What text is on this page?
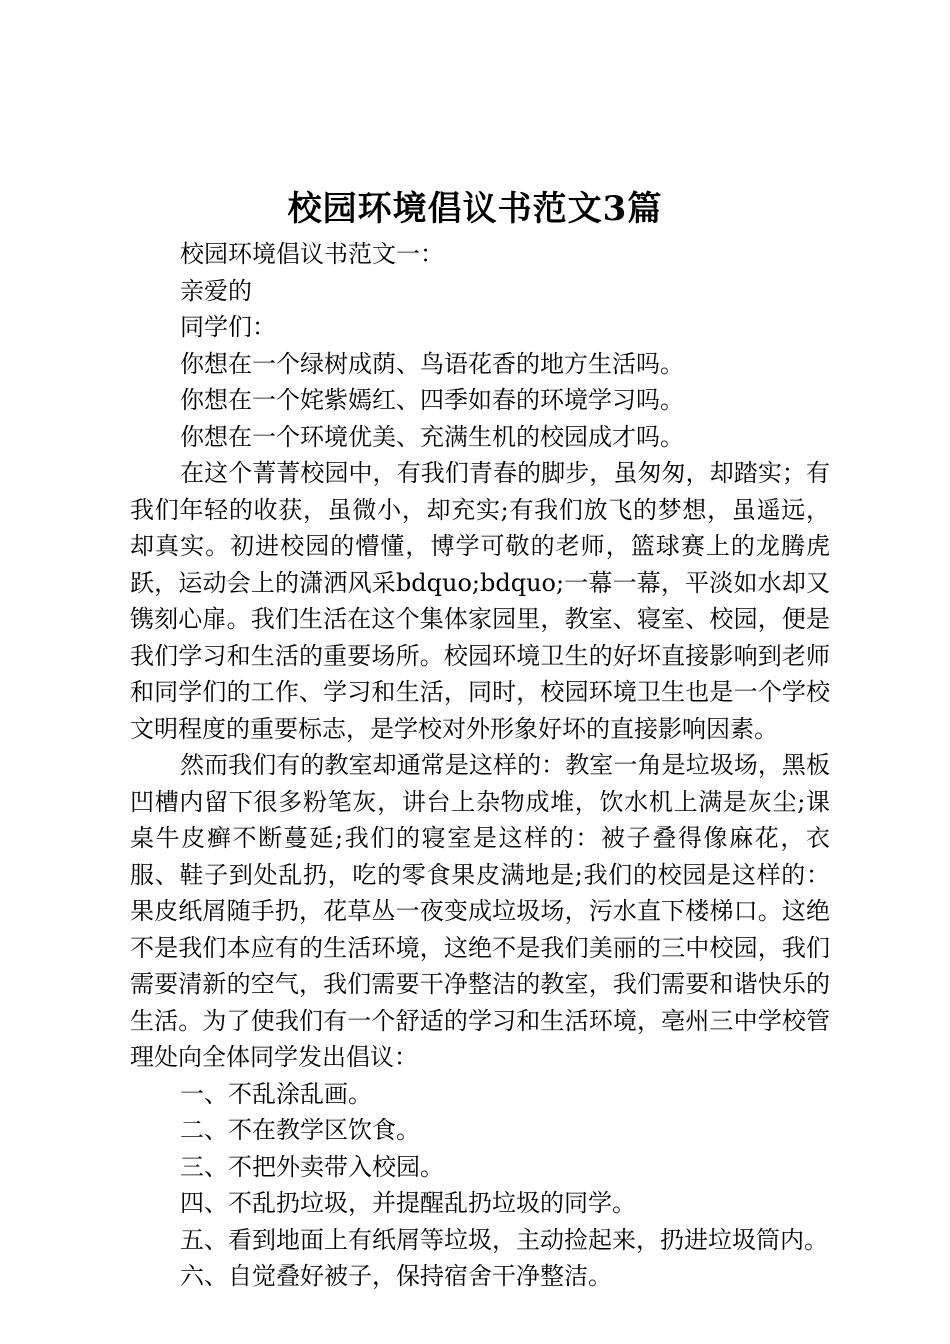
校园环境倡议书范文3篇

校园环境倡议书范文一：

亲爱的

同学们：

你想在一个绿树成荫、鸟语花香的地方生活吗。

你想在一个姹紫嫣红、四季如春的环境学习吗。

你想在一个环境优美、充满生机的校园成才吗。

在这个菁菁校园中，有我们青春的脚步，虽匆匆，却踏实；有我们年轻的收获，虽微小，却充实;有我们放飞的梦想，虽遥远，却真实。初进校园的懵懂，博学可敬的老师，篮球赛上的龙腾虎跃，运动会上的潇洒风采bdquo;bdquo;一幕一幕，平淡如水却又镌刻心扉。我们生活在这个集体家园里，教室、寝室、校园，便是我们学习和生活的重要场所。校园环境卫生的好坏直接影响到老师和同学们的工作、学习和生活，同时，校园环境卫生也是一个学校文明程度的重要标志，是学校对外形象好坏的直接影响因素。

然而我们有的教室却通常是这样的：教室一角是垃圾场，黑板凹槽内留下很多粉笔灰，讲台上杂物成堆，饮水机上满是灰尘;课桌牛皮癣不断蔓延;我们的寝室是这样的：被子叠得像麻花，衣服、鞋子到处乱扔，吃的零食果皮满地是;我们的校园是这样的：果皮纸屑随手扔，花草丛一夜变成垃圾场，污水直下楼梯口。这绝不是我们本应有的生活环境，这绝不是我们美丽的三中校园，我们需要清新的空气，我们需要干净整洁的教室，我们需要和谐快乐的生活。为了使我们有一个舒适的学习和生活环境，亳州三中学校管理处向全体同学发出倡议：

一、不乱涂乱画。

二、不在教学区饮食。

三、不把外卖带入校园。

四、不乱扔垃圾，并提醒乱扔垃圾的同学。

五、看到地面上有纸屑等垃圾，主动捡起来，扔进垃圾筒内。

六、自觉叠好被子，保持宿舍干净整洁。
